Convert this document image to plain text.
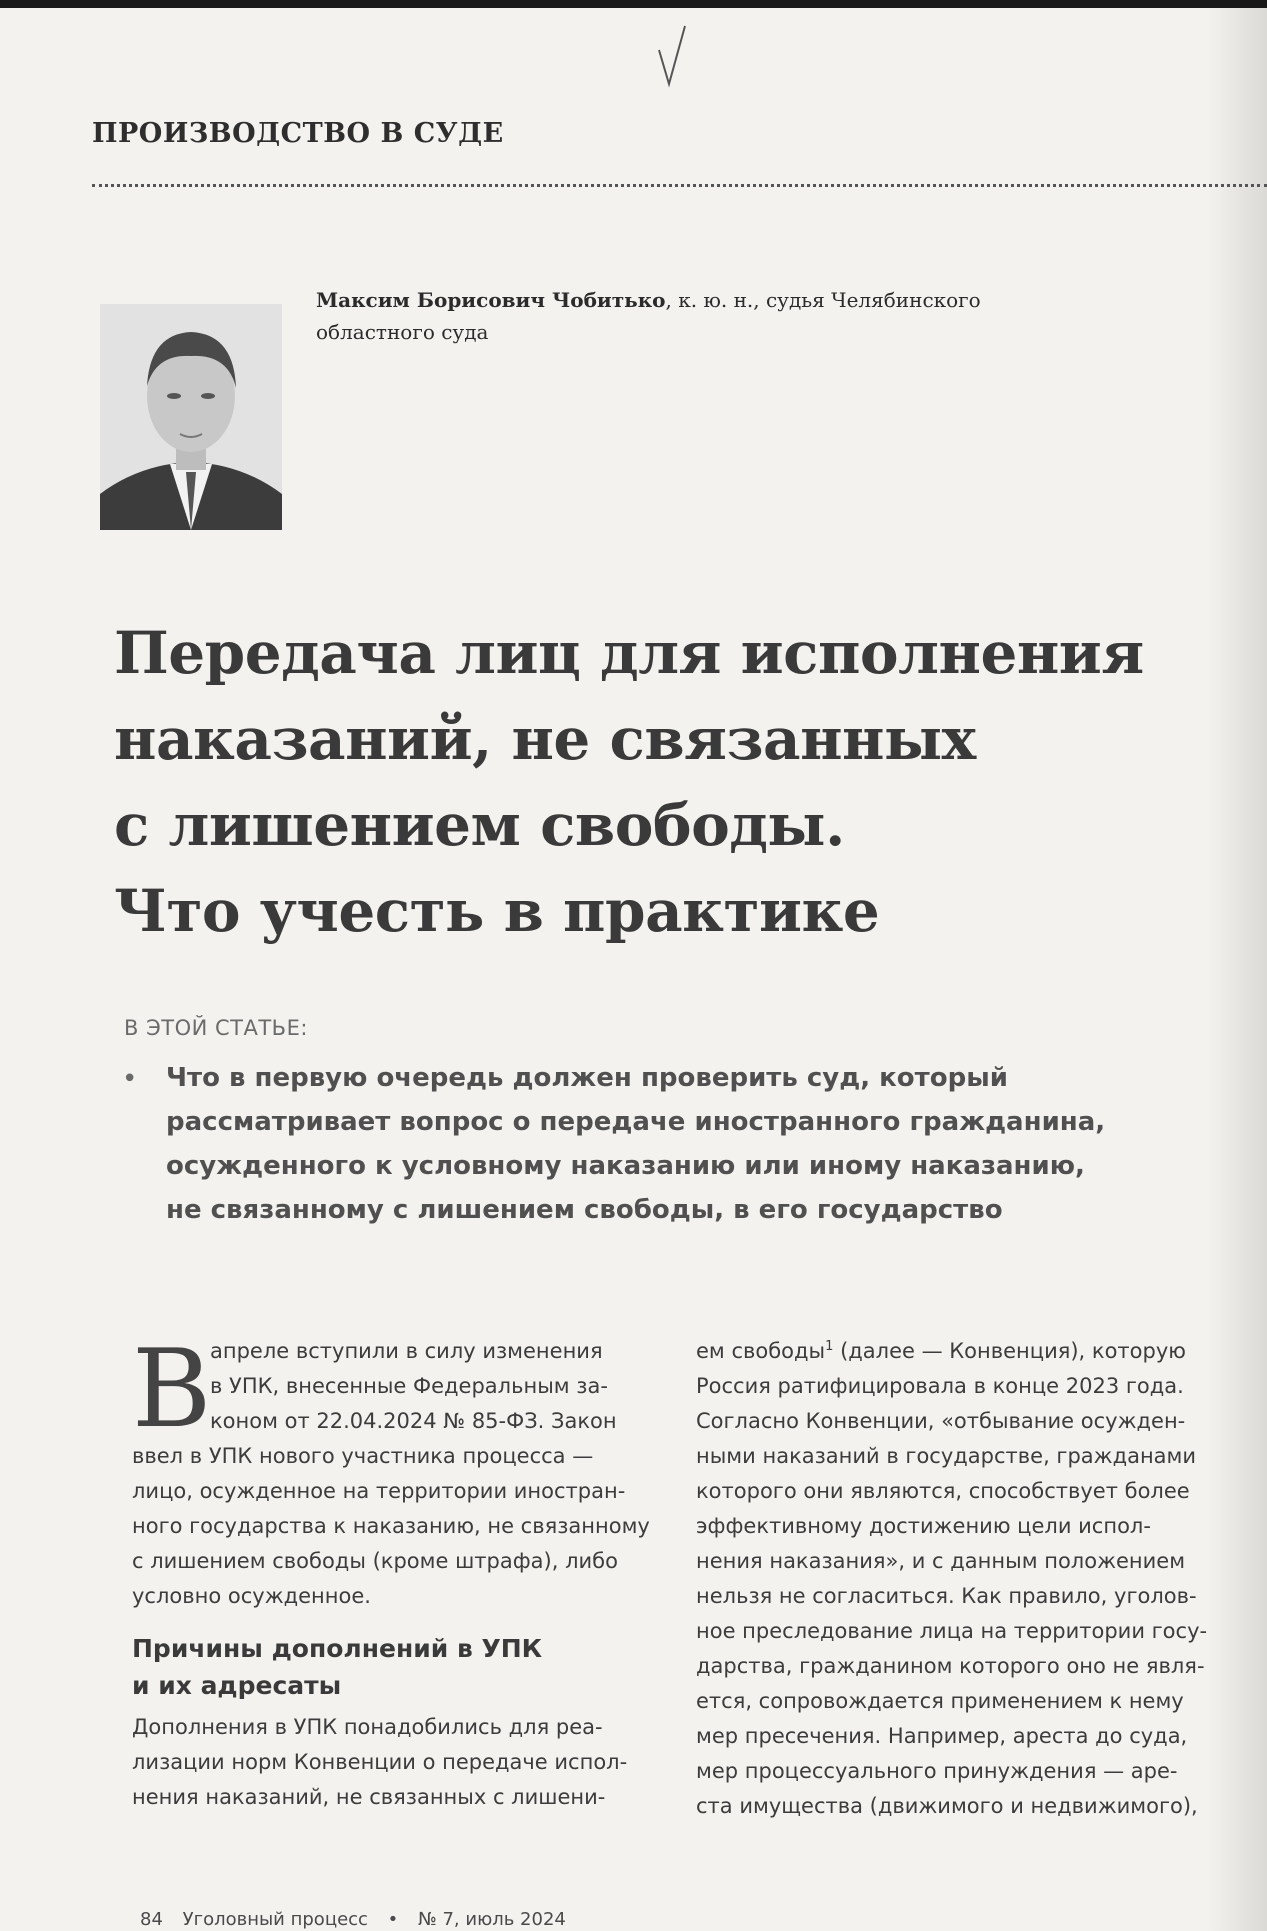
ПРОИЗВОДСТВО В СУДЕ
Максим Борисович Чобитько, к. ю. н., судья Челябинского
областного суда
Передача лиц для исполнения
наказаний, не связанных
с лишением свободы.
Что учесть в практике
В ЭТОЙ СТАТЬЕ:
• Что в первую очередь должен проверить суд, который
рассматривает вопрос о передаче иностранного гражданина,
осужденного к условному наказанию или иному наказанию,
не связанному с лишением свободы, в его государство
В
апреле вступили в силу изменения
в УПК, внесенные Федеральным за-
коном от 22.04.2024 № 85-ФЗ. Закон
ввел в УПК нового участника процесса —
лицо, осужденное на территории иностран-
ного государства к наказанию, не связанному
с лишением свободы (кроме штрафа), либо
условно осужденное.
Причины дополнений в УПК
и их адресаты
Дополнения в УПК понадобились для реа-
лизации норм Конвенции о передаче испол-
нения наказаний, не связанных с лишени-
ем свободы$^1$ (далее — Конвенция), которую
Россия ратифицировала в конце 2023 года.
Согласно Конвенции, «отбывание осужден-
ными наказаний в государстве, гражданами
которого они являются, способствует более
эффективному достижению цели испол-
нения наказания», и с данным положением
нельзя не согласиться. Как правило, уголов-
ное преследование лица на территории госу-
дарства, гражданином которого оно не явля-
ется, сопровождается применением к нему
мер пресечения. Например, ареста до суда,
мер процессуального принуждения — аре-
ста имущества (движимого и недвижимого),
84 Уголовный процесс • № 7, июль 2024
